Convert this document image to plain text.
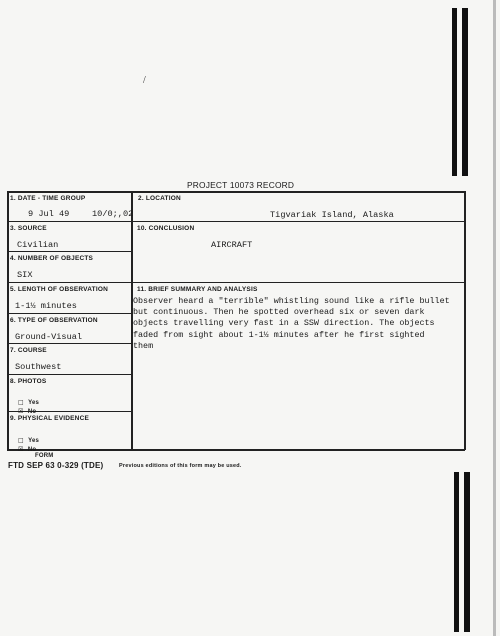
/
PROJECT 10073 RECORD
1. DATE - TIME GROUP
9 Jul 49	10/0;,02
2. LOCATION
Tigvariak Island, Alaska
3. SOURCE
Civilian
10. CONCLUSION
AIRCRAFT
4. NUMBER OF OBJECTS
SIX
5. LENGTH OF OBSERVATION
1-1½ minutes
11. BRIEF SUMMARY AND ANALYSIS
Observer heard a "terrible" whistling sound like a rifle bullet
but continuous. Then he spotted overhead six or seven dark
objects travelling very fast in a SSW direction. The objects
faded from sight about 1-1½ minutes after he first sighted
them
6. TYPE OF OBSERVATION
Ground-Visual
7. COURSE
Southwest
8. PHOTOS
□ Yes
☒ No
9. PHYSICAL EVIDENCE
□ Yes
☒ No
FORM
FTD SEP 63 0-329 (TDE)	Previous editions of this form may be used.
